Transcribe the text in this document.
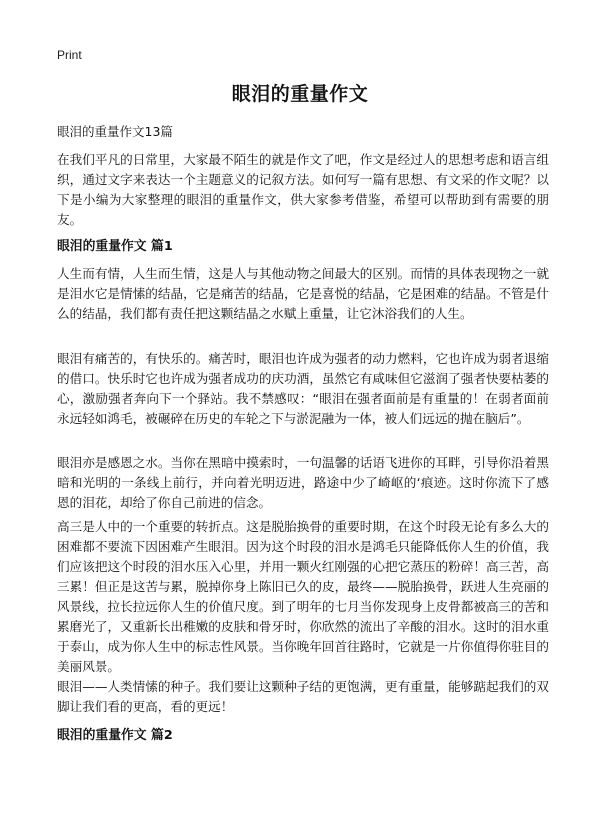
Print
眼泪的重量作文
眼泪的重量作文13篇

在我们平凡的日常里，大家最不陌生的就是作文了吧，作文是经过人的思想考虑和语言组织，通过文字来表达一个主题意义的记叙方法。如何写一篇有思想、有文采的作文呢？以下是小编为大家整理的眼泪的重量作文，供大家参考借鉴，希望可以帮助到有需要的朋友。

眼泪的重量作文 篇1

人生而有情，人生而生情，这是人与其他动物之间最大的区别。而情的具体表现物之一就是泪水它是情愫的结晶，它是痛苦的结晶，它是喜悦的结晶，它是困难的结晶。不管是什么的结晶，我们都有责任把这颗结晶之水赋上重量，让它沐浴我们的人生。

眼泪有痛苦的，有快乐的。痛苦时，眼泪也许成为强者的动力燃料，它也许成为弱者退缩的借口。快乐时它也许成为强者成功的庆功酒，虽然它有咸味但它滋润了强者快要枯萎的心，激励强者奔向下一个驿站。我不禁感叹：“眼泪在强者面前是有重量的！在弱者面前永远轻如鸿毛，被碾碎在历史的车轮之下与淤泥融为一体，被人们远远的抛在脑后”。

眼泪亦是感恩之水。当你在黑暗中摸索时，一句温馨的话语飞进你的耳畔，引导你沿着黑暗和光明的一条线上前行，并向着光明迈进，路途中少了崎岖的‘痕迹。这时你流下了感恩的泪花，却给了你自己前进的信念。

高三是人中的一个重要的转折点。这是脱胎换骨的重要时期，在这个时段无论有多么大的困难都不要流下因困难产生眼泪。因为这个时段的泪水是鸿毛只能降低你人生的价值，我们应该把这个时段的泪水压入心里，并用一颗火红刚强的心把它蒸压的粉碎！高三苦，高三累！但正是这苦与累，脱掉你身上陈旧已久的皮，最终——脱胎换骨，跃进人生亮丽的风景线，拉长拉远你人生的价值尺度。到了明年的七月当你发现身上皮骨都被高三的苦和累磨光了，又重新长出稚嫩的皮肤和骨牙时，你欣然的流出了辛酸的泪水。这时的泪水重于泰山，成为你人生中的标志性风景。当你晚年回首往路时，它就是一片你值得你驻目的美丽风景。

眼泪——人类情愫的种子。我们要让这颗种子结的更饱满，更有重量，能够踮起我们的双脚让我们看的更高，看的更远！

眼泪的重量作文 篇2
